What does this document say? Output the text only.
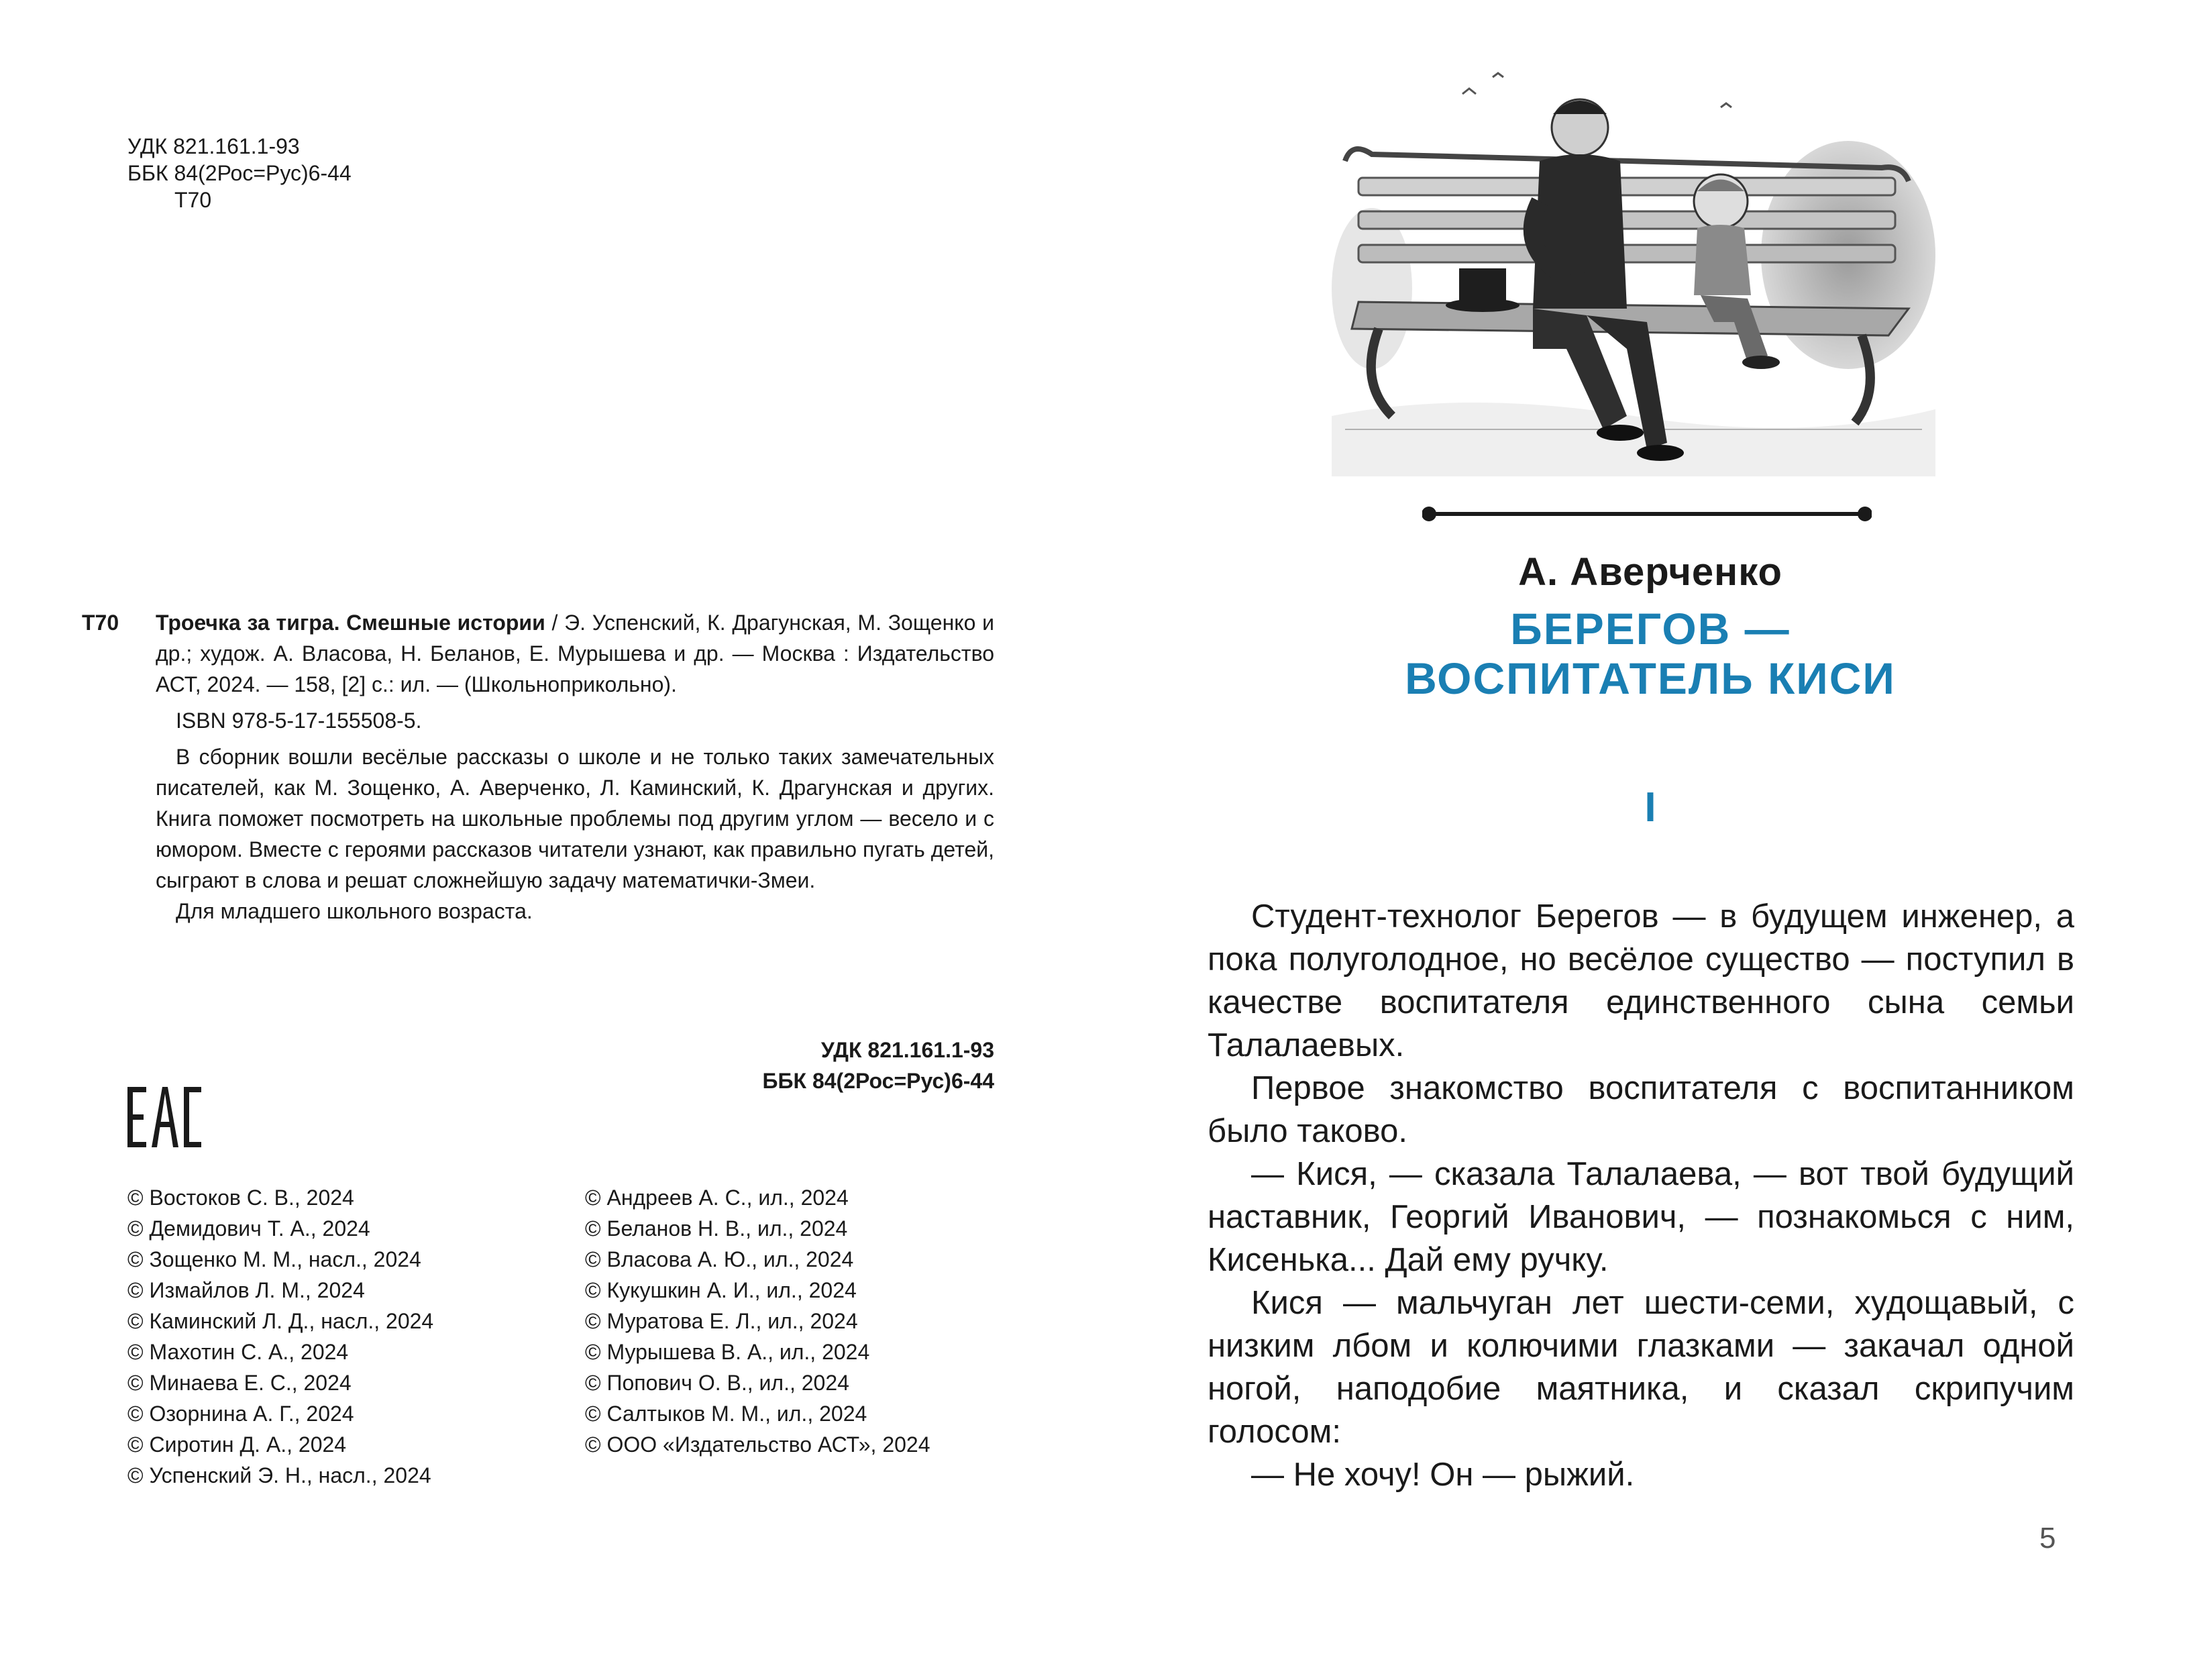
УДК 821.161.1-93
ББК 84(2Рос=Рус)6-44
Т70
Т70 Троечка за тигра. Смешные истории / Э. Успенский, К. Драгунская, М. Зощенко и др.; худож. А. Власова, Н. Беланов, Е. Мурышева и др. — Москва : Издательство АСТ, 2024. — 158, [2] с.: ил. — (Школьноприкольно).
ISBN 978-5-17-155508-5.
В сборник вошли весёлые рассказы о школе и не только таких замечательных писателей, как М. Зощенко, А. Аверченко, Л. Каминский, К. Драгунская и других. Книга поможет посмотреть на школьные проблемы под другим углом — весело и с юмором. Вместе с героями рассказов читатели узнают, как правильно пугать детей, сыграют в слова и решат сложнейшую задачу математички-Змеи.
Для младшего школьного возраста.
УДК 821.161.1-93
ББК 84(2Рос=Рус)6-44
© Востоков С. В., 2024
© Демидович Т. А., 2024
© Зощенко М. М., насл., 2024
© Измайлов Л. М., 2024
© Каминский Л. Д., насл., 2024
© Махотин С. А., 2024
© Минаева Е. С., 2024
© Озорнина А. Г., 2024
© Сиротин Д. А., 2024
© Успенский Э. Н., насл., 2024
© Андреев А. С., ил., 2024
© Беланов Н. В., ил., 2024
© Власова А. Ю., ил., 2024
© Кукушкин А. И., ил., 2024
© Муратова Е. Л., ил., 2024
© Мурышева В. А., ил., 2024
© Попович О. В., ил., 2024
© Салтыков М. М., ил., 2024
© ООО «Издательство АСТ», 2024
А. Аверченко
БЕРЕГОВ —
ВОСПИТАТЕЛЬ КИСИ
I

Студент-технолог Берегов — в будущем инженер, а пока полуголодное, но весёлое существо — поступил в качестве воспитателя единственного сына семьи Талалаевых.

Первое знакомство воспитателя с воспитанником было таково.

— Кися, — сказала Талалаева, — вот твой будущий наставник, Георгий Иванович, — познакомься с ним, Кисенька... Дай ему ручку.

Кися — мальчуган лет шести-семи, худощавый, с низким лбом и колючими глазками — закачал одной ногой, наподобие маятника, и сказал скрипучим голосом:

— Не хочу! Он — рыжий.

5
